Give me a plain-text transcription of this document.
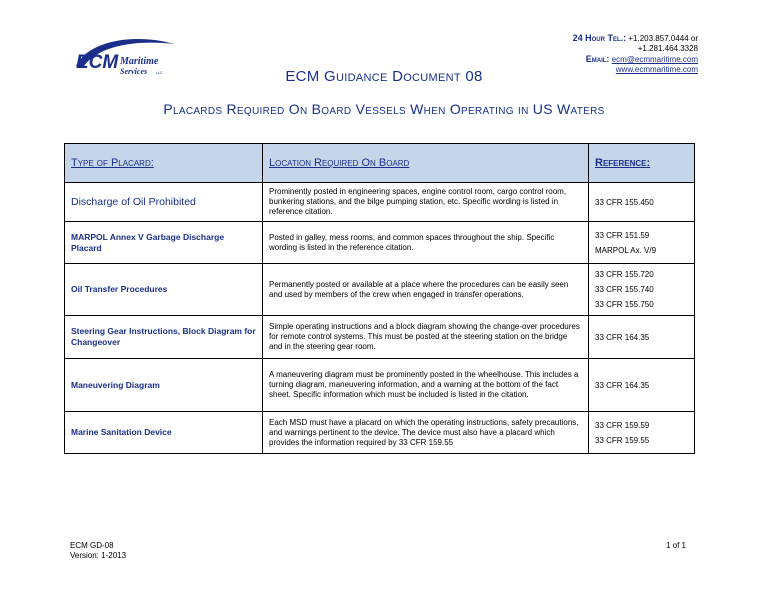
ECM Maritime
Services	LLC
24 Hour Tel.: +1.203.857.0444 or
+1.281.464.3328
Email: ecm@ecmmaritime.com
www.ecmmaritime.com
ECM Guidance Document 08
Placards Required On Board Vessels When Operating in US Waters
Type of Placard:	Location Required On Board	Reference:
Discharge of Oil Prohibited	Prominently posted in engineering spaces, engine control room, cargo control room, bunkering stations, and the bilge pumping station, etc. Specific wording is listed in reference citation.	33 CFR 155.450

MARPOL Annex V Garbage Discharge Placard	Posted in galley, mess rooms, and common spaces throughout the ship. Specific wording is listed in the reference citation.	33 CFR 151.59
MARPOL Ax. V/9

Oil Transfer Procedures	Permanently posted or available at a place where the procedures can be easily seen and used by members of the crew when engaged in transfer operations.	33 CFR 155.720
33 CFR 155.740
33 CFR 155.750

Steering Gear Instructions, Block Diagram for Changeover	Simple operating instructions and a block diagram showing the change-over procedures for remote control systems. This must be posted at the steering station on the bridge and in the steering gear room.	33 CFR 164.35

Maneuvering Diagram	A maneuvering diagram must be prominently posted in the wheelhouse. This includes a turning diagram, maneuvering information, and a warning at the bottom of the fact sheet. Specific information which must be included is listed in the citation.	33 CFR 164.35

Marine Sanitation Device	Each MSD must have a placard on which the operating instructions, safety precautions, and warnings pertinent to the device. The device must also have a placard which provides the information required by 33 CFR 159.55	33 CFR 159.59
33 CFR 159.55
ECM GD-08
Version: 1-2013
1 of 1
